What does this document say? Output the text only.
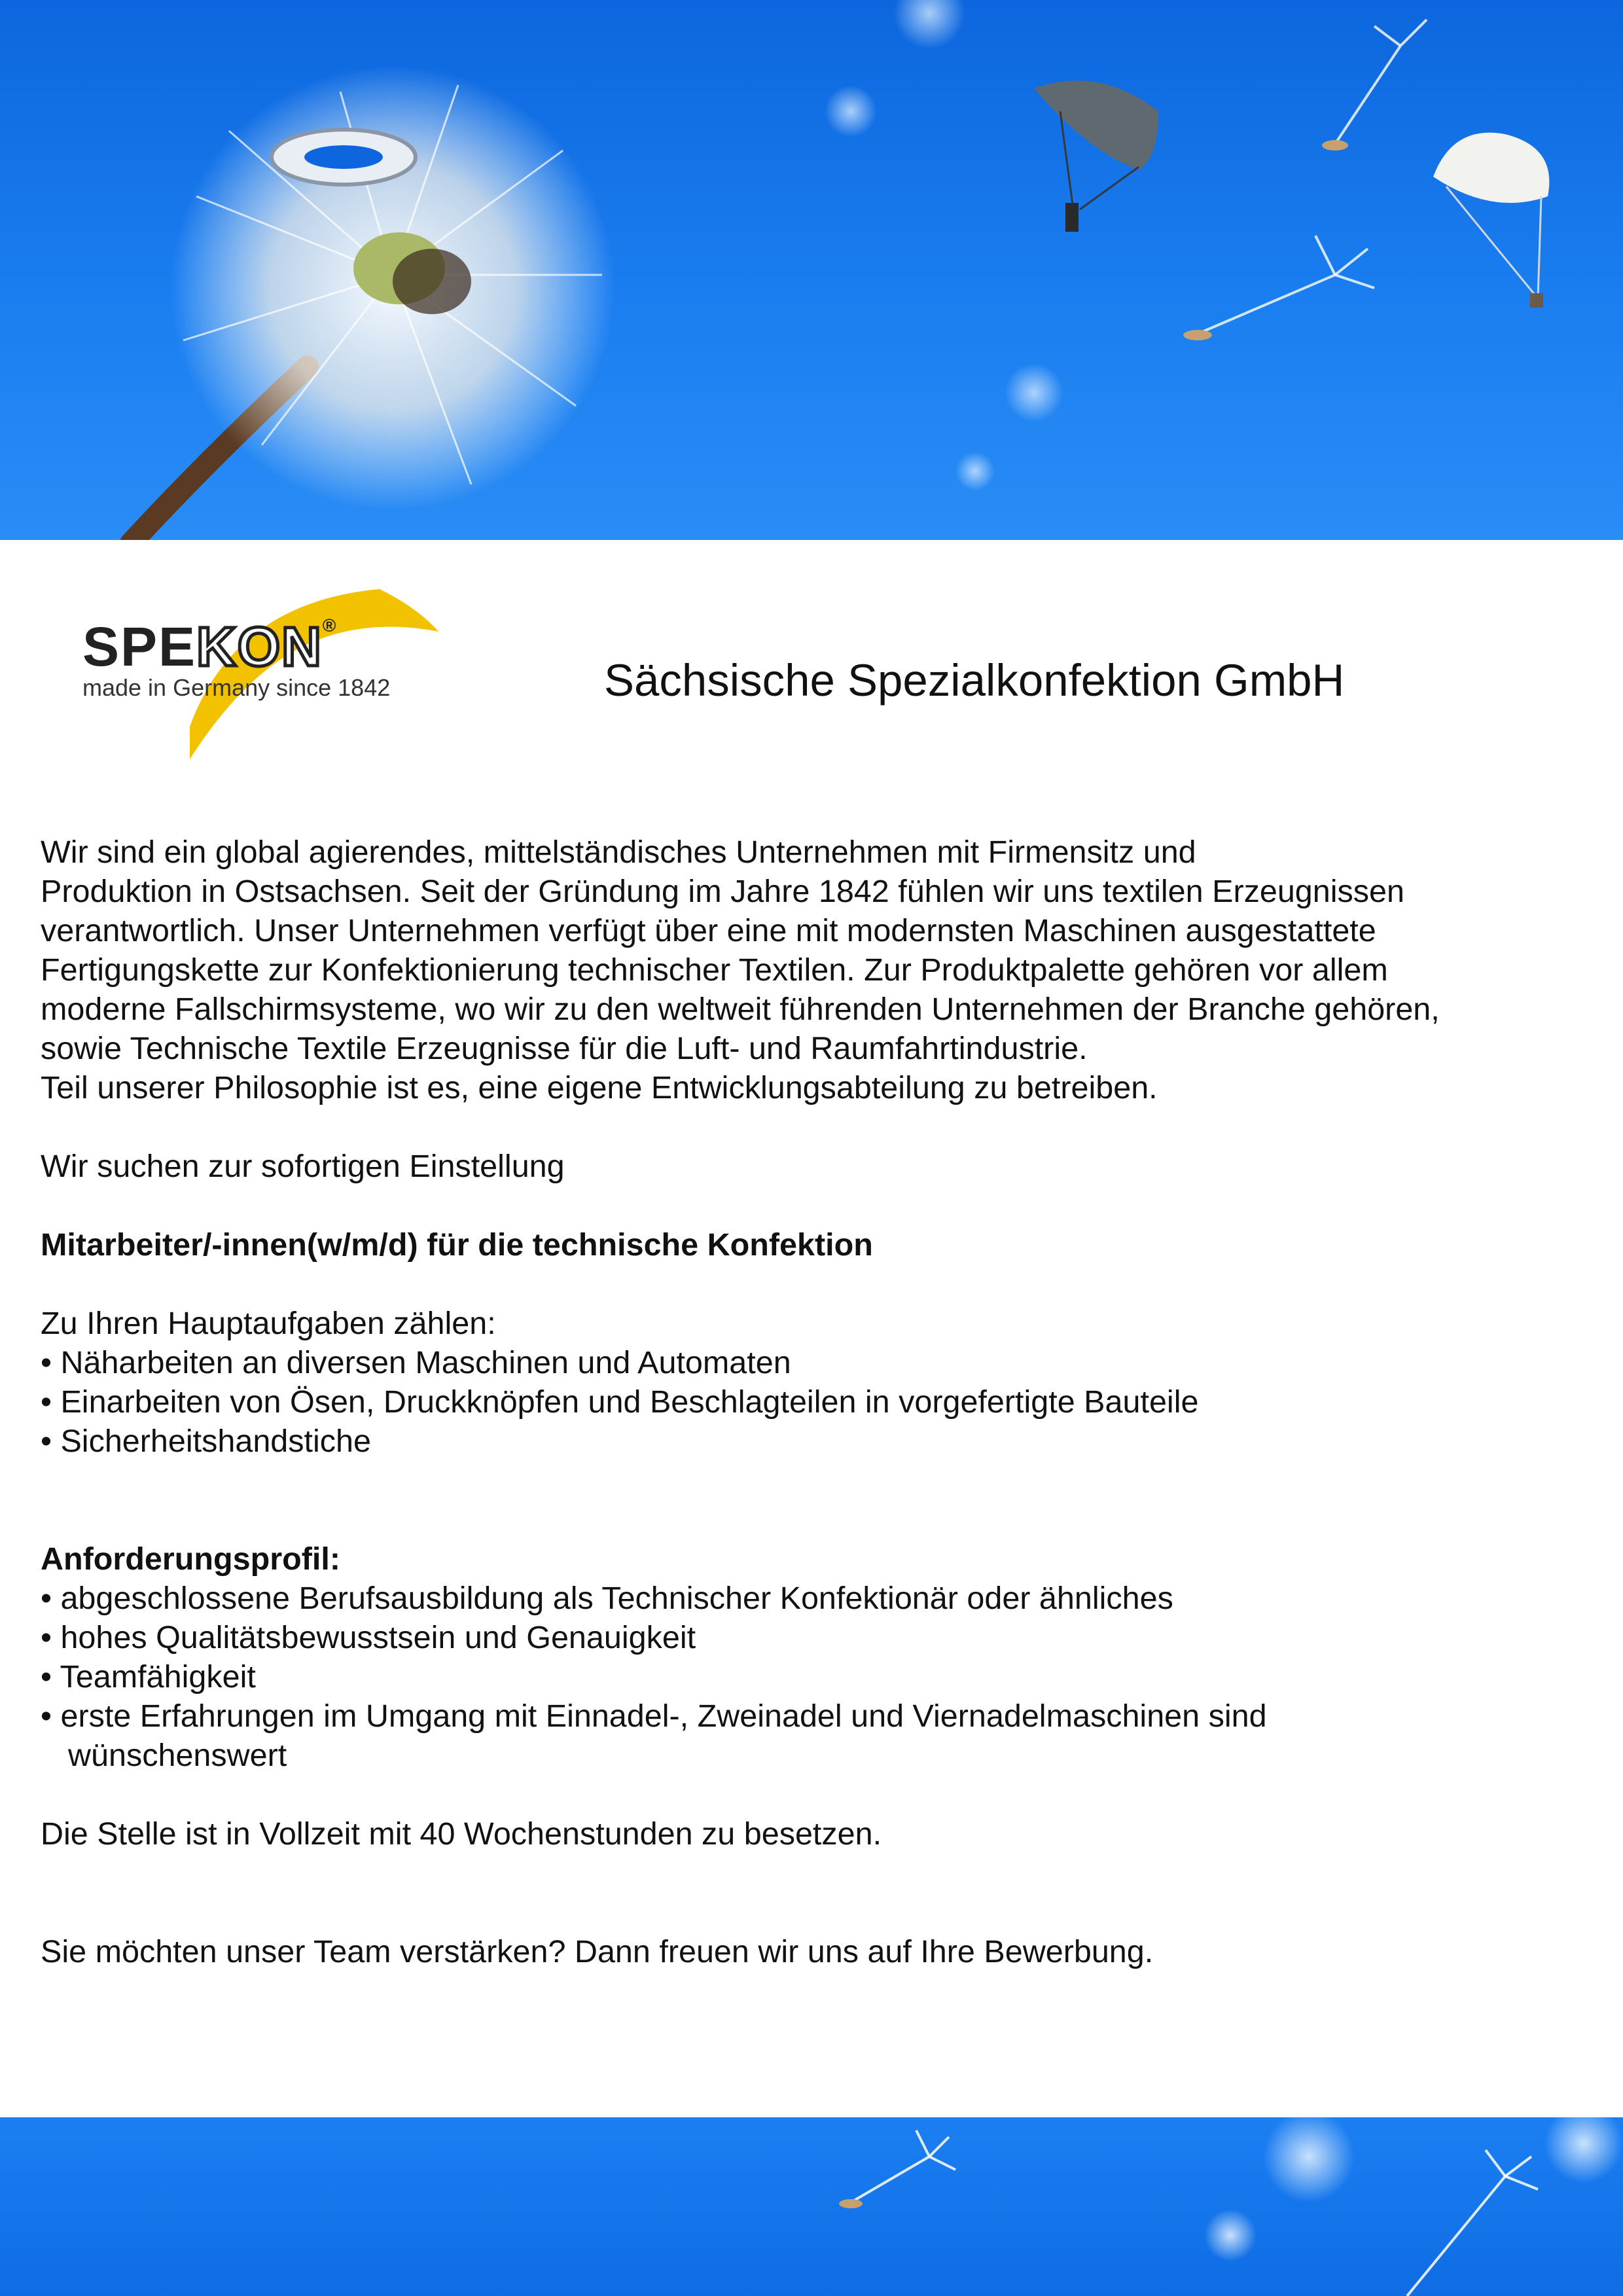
SPEKON®
made in Germany since 1842	Sächsische Spezialkonfektion GmbH

Wir sind ein global agierendes, mittelständisches Unternehmen mit Firmensitz und

Produktion in Ostsachsen. Seit der Gründung im Jahre 1842 fühlen wir uns textilen Erzeugnissen

verantwortlich. Unser Unternehmen verfügt über eine mit modernsten Maschinen ausgestattete

Fertigungskette zur Konfektionierung technischer Textilen. Zur Produktpalette gehören vor allem

moderne Fallschirmsysteme, wo wir zu den weltweit führenden Unternehmen der Branche gehören,

sowie Technische Textile Erzeugnisse für die Luft- und Raumfahrtindustrie.

Teil unserer Philosophie ist es, eine eigene Entwicklungsabteilung zu betreiben.

Wir suchen zur sofortigen Einstellung

Mitarbeiter/-innen(w/m/d) für die technische Konfektion

Zu Ihren Hauptaufgaben zählen:

• Näharbeiten an diversen Maschinen und Automaten

• Einarbeiten von Ösen, Druckknöpfen und Beschlagteilen in vorgefertigte Bauteile

• Sicherheitshandstiche

Anforderungsprofil:

• abgeschlossene Berufsausbildung als Technischer Konfektionär oder ähnliches

• hohes Qualitätsbewusstsein und Genauigkeit

• Teamfähigkeit

• erste Erfahrungen im Umgang mit Einnadel-, Zweinadel und Viernadelmaschinen sind

wünschenswert

Die Stelle ist in Vollzeit mit 40 Wochenstunden zu besetzen.

Sie möchten unser Team verstärken? Dann freuen wir uns auf Ihre Bewerbung.
